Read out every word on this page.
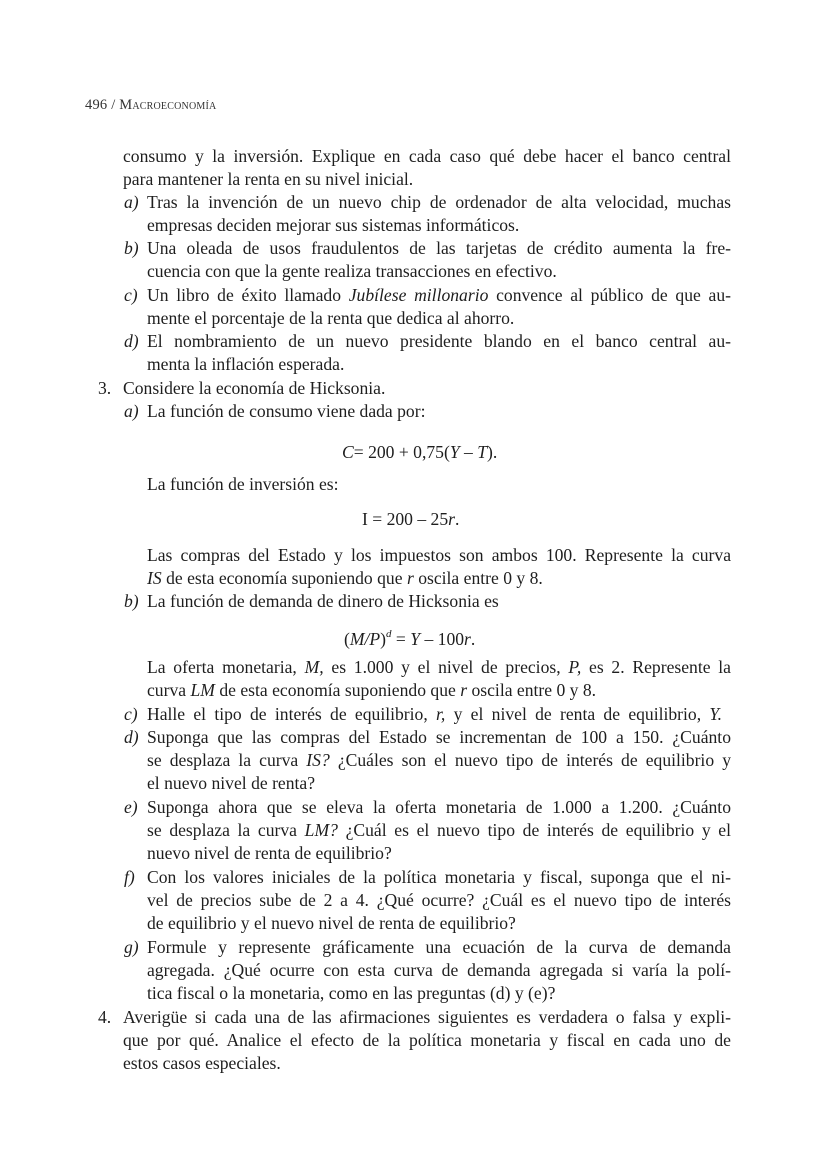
496 / Macroeconomía
consumo y la inversión. Explique en cada caso qué debe hacer el banco central
para mantener la renta en su nivel inicial.
a) Tras la invención de un nuevo chip de ordenador de alta velocidad, muchas
empresas deciden mejorar sus sistemas informáticos.
b) Una oleada de usos fraudulentos de las tarjetas de crédito aumenta la fre-
cuencia con que la gente realiza transacciones en efectivo.
c) Un libro de éxito llamado Jubílese millonario convence al público de que au-
mente el porcentaje de la renta que dedica al ahorro.
d) El nombramiento de un nuevo presidente blando en el banco central au-
menta la inflación esperada.
3. Considere la economía de Hicksonia.
a) La función de consumo viene dada por:
C= 200 + 0,75(Y – T).
La función de inversión es:
I = 200 – 25r.
Las compras del Estado y los impuestos son ambos 100. Represente la curva
IS de esta economía suponiendo que r oscila entre 0 y 8.
b) La función de demanda de dinero de Hicksonia es
$(M/P)^d = Y - 100r$.
La oferta monetaria, M, es 1.000 y el nivel de precios, P, es 2. Represente la
curva LM de esta economía suponiendo que r oscila entre 0 y 8.
c) Halle el tipo de interés de equilibrio, r, y el nivel de renta de equilibrio, Y.
d) Suponga que las compras del Estado se incrementan de 100 a 150. ¿Cuánto
se desplaza la curva IS? ¿Cuáles son el nuevo tipo de interés de equilibrio y
el nuevo nivel de renta?
e) Suponga ahora que se eleva la oferta monetaria de 1.000 a 1.200. ¿Cuánto
se desplaza la curva LM? ¿Cuál es el nuevo tipo de interés de equilibrio y el
nuevo nivel de renta de equilibrio?
f) Con los valores iniciales de la política monetaria y fiscal, suponga que el ni-
vel de precios sube de 2 a 4. ¿Qué ocurre? ¿Cuál es el nuevo tipo de interés
de equilibrio y el nuevo nivel de renta de equilibrio?
g) Formule y represente gráficamente una ecuación de la curva de demanda
agregada. ¿Qué ocurre con esta curva de demanda agregada si varía la polí-
tica fiscal o la monetaria, como en las preguntas (d) y (e)?
4. Averigüe si cada una de las afirmaciones siguientes es verdadera o falsa y expli-
que por qué. Analice el efecto de la política monetaria y fiscal en cada uno de
estos casos especiales.
